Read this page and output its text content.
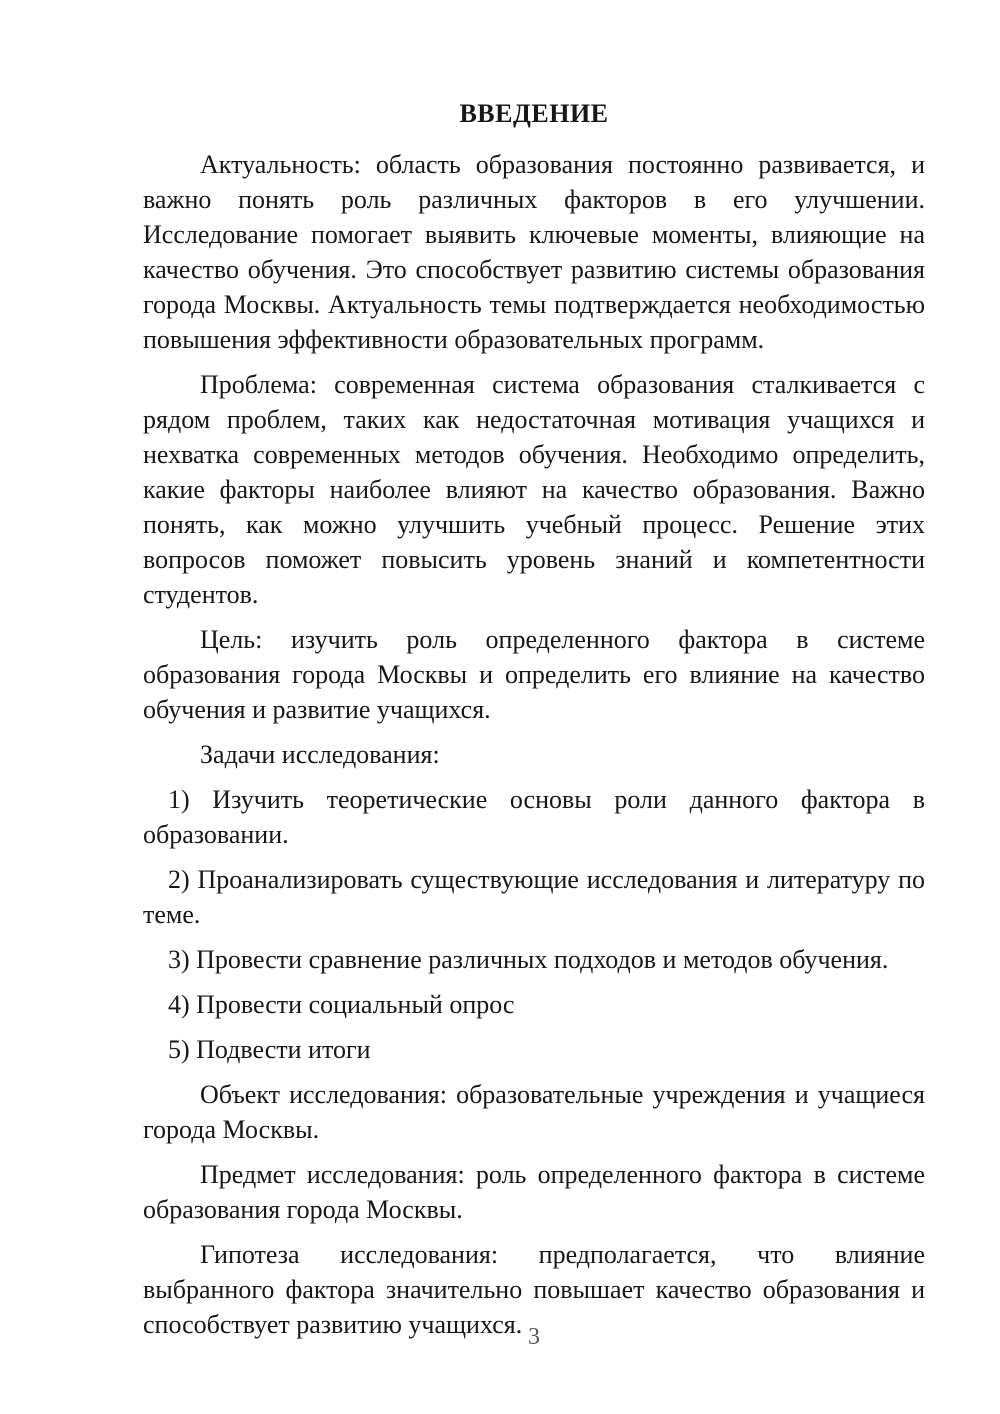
ВВЕДЕНИЕ

Актуальность: область образования постоянно развивается, и важно понять роль различных факторов в его улучшении. Исследование помогает выявить ключевые моменты, влияющие на качество обучения. Это способствует развитию системы образования города Москвы. Актуальность темы подтверждается необходимостью повышения эффективности образовательных программ.

Проблема: современная система образования сталкивается с рядом проблем, таких как недостаточная мотивация учащихся и нехватка современных методов обучения. Необходимо определить, какие факторы наиболее влияют на качество образования. Важно понять, как можно улучшить учебный процесс. Решение этих вопросов поможет повысить уровень знаний и компетентности студентов.

Цель: изучить роль определенного фактора в системе образования города Москвы и определить его влияние на качество обучения и развитие учащихся.

Задачи исследования:

1) Изучить теоретические основы роли данного фактора в образовании.

2) Проанализировать существующие исследования и литературу по теме.

3) Провести сравнение различных подходов и методов обучения.

4) Провести социальный опрос

5) Подвести итоги

Объект исследования: образовательные учреждения и учащиеся города Москвы.

Предмет исследования: роль определенного фактора в системе образования города Москвы.

Гипотеза исследования: предполагается, что влияние выбранного фактора значительно повышает качество образования и способствует развитию учащихся. 3
